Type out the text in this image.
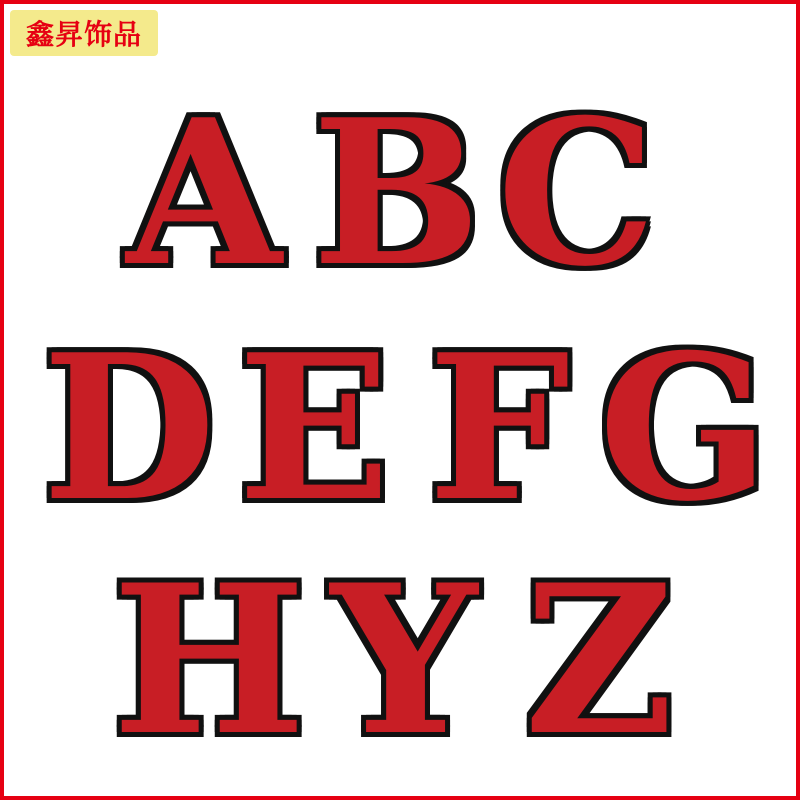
鑫昇饰品
A B C
D E F G
H Y Z
